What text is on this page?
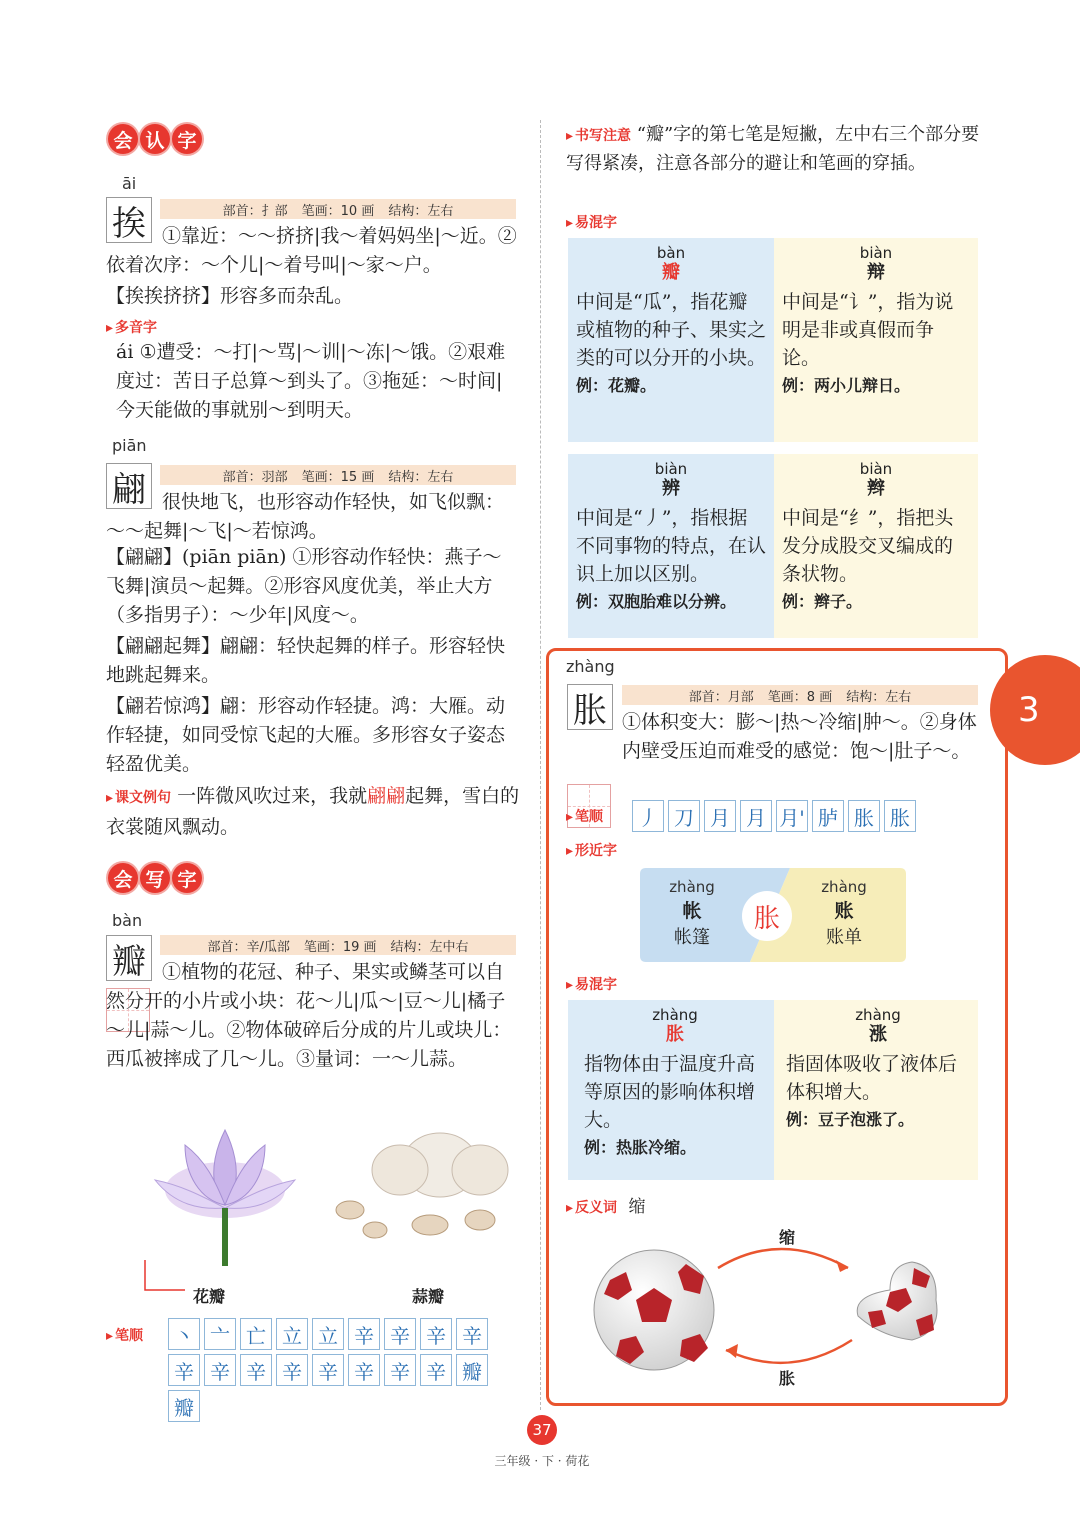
会 认 字
āi
挨	部首：扌部 笔画：10 画 结构：左右
①靠近：～～挤挤|我～着妈妈坐|～近。②依着次序：～个儿|～着号叫|～家～户。
【挨挨挤挤】形容多而杂乱。
▸ 多音字
ái ①遭受：～打|～骂|～训|～冻|～饿。②艰难度过：苦日子总算～到头了。③拖延：～时间|今天能做的事就别～到明天。
piān
翩	部首：羽部 笔画：15 画 结构：左右
很快地飞，也形容动作轻快，如飞似飘：～～起舞|～飞|～若惊鸿。
【翩翩】(piān piān) ①形容动作轻快：燕子～飞舞|演员～起舞。②形容风度优美，举止大方（多指男子）：～少年|风度～。
【翩翩起舞】翩翩：轻快起舞的样子。形容轻快地跳起舞来。
【翩若惊鸿】翩：形容动作轻捷。鸿：大雁。动作轻捷，如同受惊飞起的大雁。多形容女子姿态轻盈优美。
▸ 课文例句 一阵微风吹过来，我就翩翩起舞，雪白的衣裳随风飘动。
会 写 字
bàn
瓣	部首：辛/瓜部 笔画：19 画 结构：左中右
①植物的花冠、种子、果实或鳞茎可以自然分开的小片或小块：花～儿|瓜～|豆～儿|橘子～儿|蒜～儿。②物体破碎后分成的片儿或块儿：西瓜被摔成了几～儿。③量词：一～儿蒜。
花瓣	蒜瓣
▸ 笔顺	丶 亠 亡 立 立 辛 辛 辛 辛
辛 辛 辛 辛 辛 辛 辛 辛 瓣
瓣
▸ 书写注意 “瓣”字的第七笔是短撇，左中右三个部分要写得紧凑，注意各部分的避让和笔画的穿插。
▸ 易混字
bàn
瓣
中间是“瓜”，指花瓣或植物的种子、果实之类的可以分开的小块。
例：花瓣。
biàn
辩
中间是“讠”，指为说明是非或真假而争论。
例：两小儿辩日。
biàn
辨
中间是“丿”，指根据不同事物的特点，在认识上加以区别。
例：双胞胎难以分辨。
biàn
辫
中间是“纟”，指把头发分成股交叉编成的条状物。
例：辫子。
3
zhàng
胀	部首：月部 笔画：8 画 结构：左右
①体积变大：膨～|热～冷缩|肿～。②身体内壁受压迫而难受的感觉：饱～|肚子～。
▸ 笔顺	丿 刀 月 月 月' 胪 胀 胀
▸ 形近字
zhàng
帐
帐篷
胀
zhàng
账
账单
▸ 易混字
zhàng
胀
指物体由于温度升高等原因的影响体积增大。
例：热胀冷缩。
zhàng
涨
指固体吸收了液体后体积增大。
例：豆子泡涨了。
▸ 反义词 缩
缩
胀
37
三年级 · 下 · 荷花
